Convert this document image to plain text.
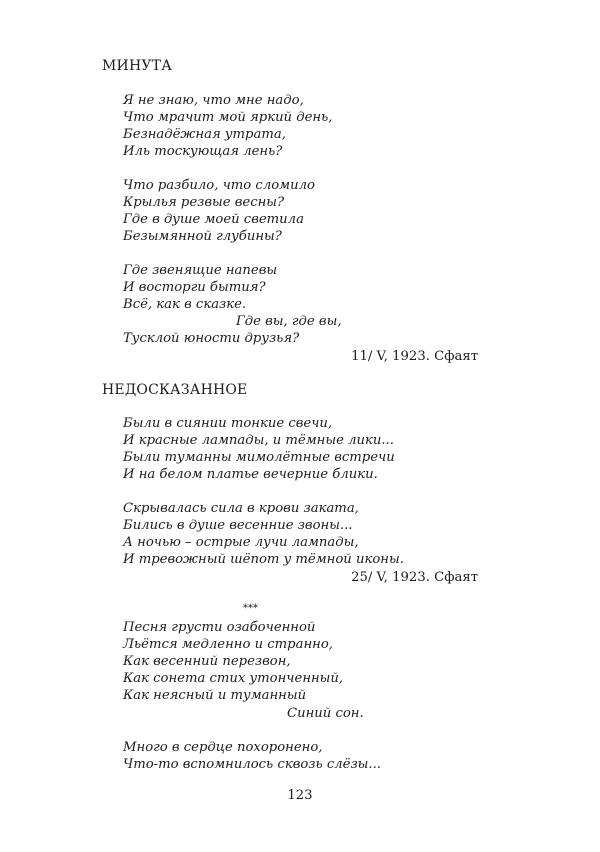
МИНУТА
Я не знаю, что мне надо,
Что мрачит мой яркий день,
Безнадёжная утрата,
Иль тоскующая лень?
Что разбило, что сломило
Крылья резвые весны?
Где в душе моей светила
Безымянной глубины?
Где звенящие напевы
И восторги бытия?
Всё, как в сказке.
Где вы, где вы,
Тусклой юности друзья?
11/ V, 1923. Сфаят
НЕДОСКАЗАННОЕ
Были в сиянии тонкие свечи,
И красные лампады, и тёмные лики...
Были туманны мимолётные встречи
И на белом платье вечерние блики.
Скрывалась сила в крови заката,
Бились в душе весенние звоны...
А ночью – острые лучи лампады,
И тревожный шёпот у тёмной иконы.
25/ V, 1923. Сфаят
***
Песня грусти озабоченной
Льётся медленно и странно,
Как весенний перезвон,
Как сонета стих утонченный,
Как неясный и туманный
Синий сон.
Много в сердце похоронено,
Что-то вспомнилось сквозь слёзы...
123
